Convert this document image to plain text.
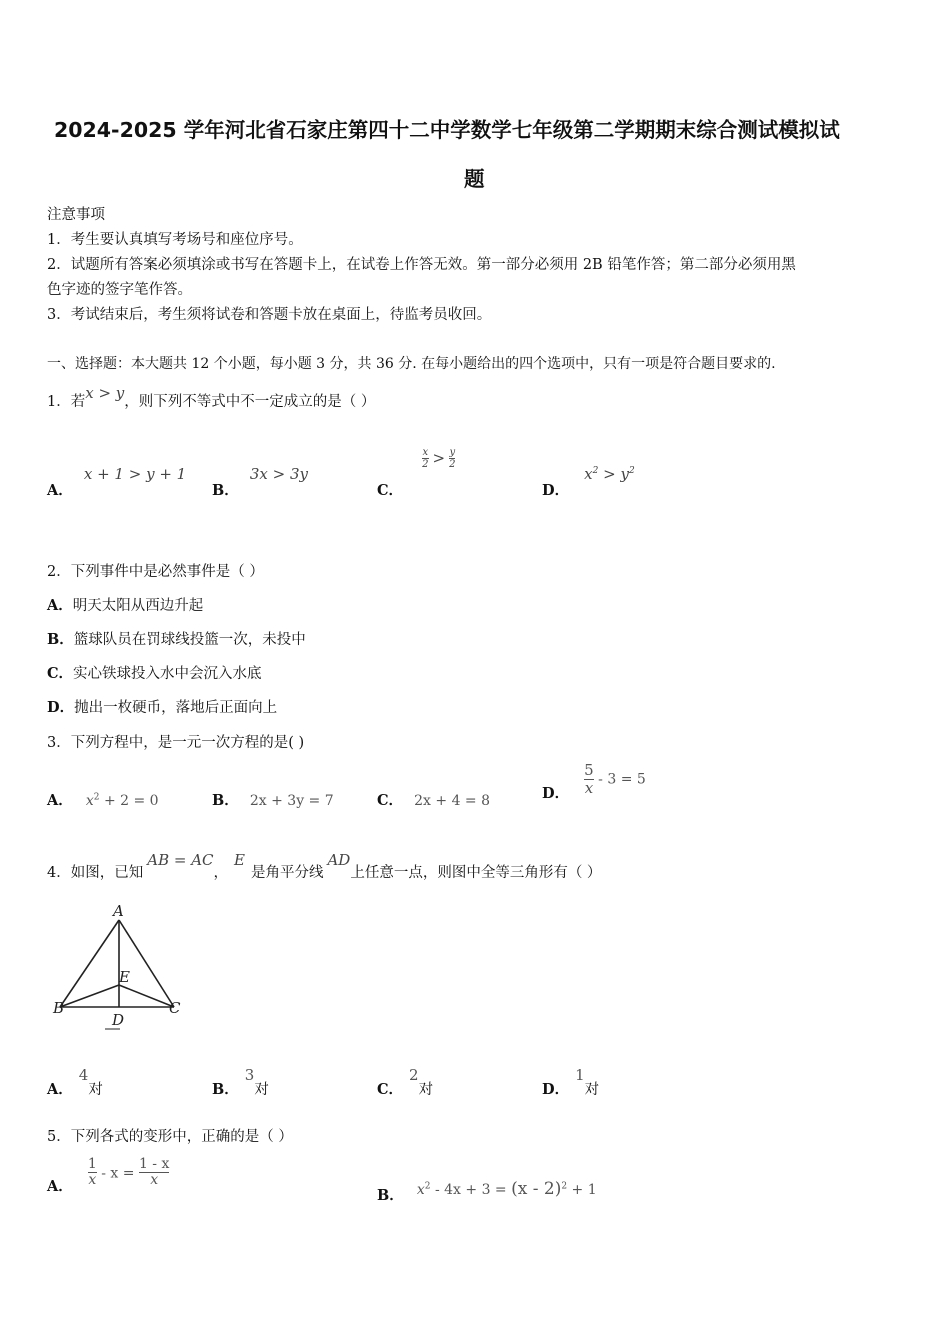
2024-2025 学年河北省石家庄第四十二中学数学七年级第二学期期末综合测试模拟试
题
注意事项
1．考生要认真填写考场号和座位序号。
2．试题所有答案必须填涂或书写在答题卡上，在试卷上作答无效。第一部分必须用 2B 铅笔作答；第二部分必须用黑
色字迹的签字笔作答。
3．考试结束后，考生须将试卷和答题卡放在桌面上，待监考员收回。
一、选择题：本大题共 12 个小题，每小题 3 分，共 36 分. 在每小题给出的四个选项中，只有一项是符合题目要求的.
1．若x > y，则下列不等式中不一定成立的是（ ）
A． x + 1 > y + 1
B． 3x > 3y
C．
$\frac{x}{2} > \frac{y}{2}$
D． $x^2 > y^2$
2．下列事件中是必然事件是（ ）
A．明天太阳从西边升起
B．篮球队员在罚球线投篮一次，未投中
C．实心铁球投入水中会沉入水底
D．抛出一枚硬币，落地后正面向上
3．下列方程中，是一元一次方程的是( )
A． $x^2 + 2 = 0$	B． 2x + 3y = 7	C． 2x + 4 = 8	D． $\frac{5}{x} - 3 = 5$
4．如图，已知AB = AC，E是角平分线AD上任意一点，则图中全等三角形有（ ）
A
B	C
D
E
A．4对	B．3对	C．2对	D．1对
5．下列各式的变形中，正确的是（ ）
A． $\frac{1}{x} - x = \frac{1 - x}{x}$
B． $x^2 - 4x + 3 = (x - 2)^2 + 1$
